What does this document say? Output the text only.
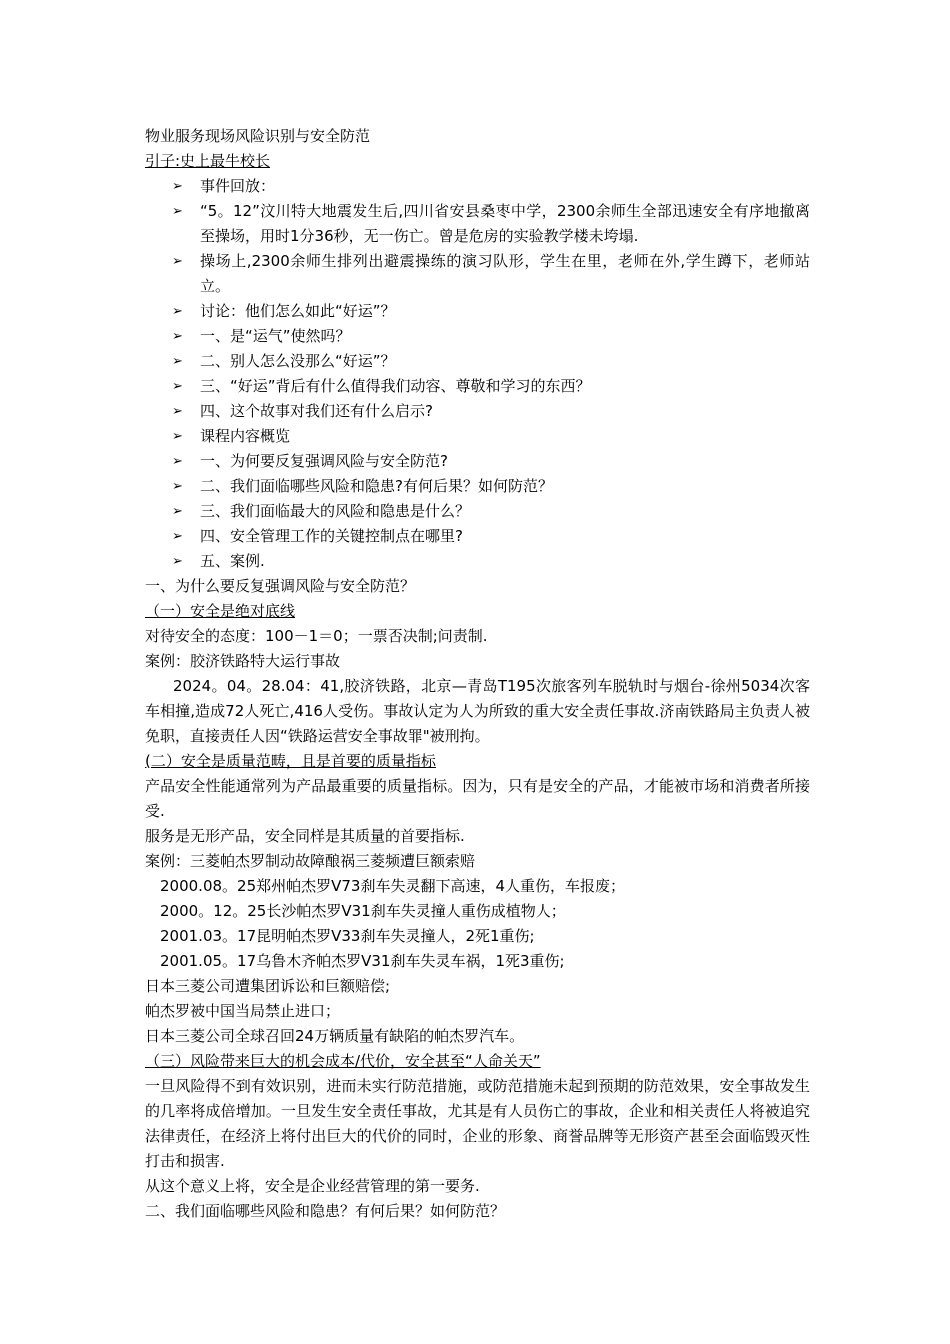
物业服务现场风险识别与安全防范

引子:史上最牛校长

➢	事件回放：
➢	“5。12”汶川特大地震发生后,四川省安县桑枣中学，2300余师生全部迅速安全有序地撤离至操场，用时1分36秒，无一伤亡。曾是危房的实验教学楼未垮塌.
➢	操场上,2300余师生排列出避震操练的演习队形，学生在里，老师在外,学生蹲下，老师站立。
➢	讨论：他们怎么如此“好运”？
➢	一、是“运气”使然吗？
➢	二、别人怎么没那么“好运”？
➢	三、“好运”背后有什么值得我们动容、尊敬和学习的东西？
➢	四、这个故事对我们还有什么启示?
➢	课程内容概览
➢	一、为何要反复强调风险与安全防范?
➢	二、我们面临哪些风险和隐患?有何后果？如何防范？
➢	三、我们面临最大的风险和隐患是什么？
➢	四、安全管理工作的关键控制点在哪里?
➢	五、案例.

一、为什么要反复强调风险与安全防范？

（一）安全是绝对底线

对待安全的态度：100－1＝0；一票否决制;问责制.

案例：胶济铁路特大运行事故

2024。04。28.04：41,胶济铁路，北京—青岛T195次旅客列车脱轨时与烟台-徐州5034次客车相撞,造成72人死亡,416人受伤。事故认定为人为所致的重大安全责任事故.济南铁路局主负责人被免职，直接责任人因“铁路运营安全事故罪"被刑拘。

(二）安全是质量范畴，且是首要的质量指标

产品安全性能通常列为产品最重要的质量指标。因为，只有是安全的产品，才能被市场和消费者所接受.

服务是无形产品，安全同样是其质量的首要指标.

案例：三菱帕杰罗制动故障酿祸三菱频遭巨额索赔

2000.08。25郑州帕杰罗V73刹车失灵翻下高速，4人重伤，车报废；

2000。12。25长沙帕杰罗V31刹车失灵撞人重伤成植物人；

2001.03。17昆明帕杰罗V33刹车失灵撞人，2死1重伤;

2001.05。17乌鲁木齐帕杰罗V31刹车失灵车祸，1死3重伤;

日本三菱公司遭集团诉讼和巨额赔偿;

帕杰罗被中国当局禁止进口；

日本三菱公司全球召回24万辆质量有缺陷的帕杰罗汽车。

（三）风险带来巨大的机会成本/代价，安全甚至“人命关天”

一旦风险得不到有效识别，进而未实行防范措施，或防范措施未起到预期的防范效果，安全事故发生的几率将成倍增加。一旦发生安全责任事故，尤其是有人员伤亡的事故，企业和相关责任人将被追究法律责任，在经济上将付出巨大的代价的同时，企业的形象、商誉品牌等无形资产甚至会面临毁灭性打击和损害.

从这个意义上将，安全是企业经营管理的第一要务.

二、我们面临哪些风险和隐患？有何后果？如何防范？
